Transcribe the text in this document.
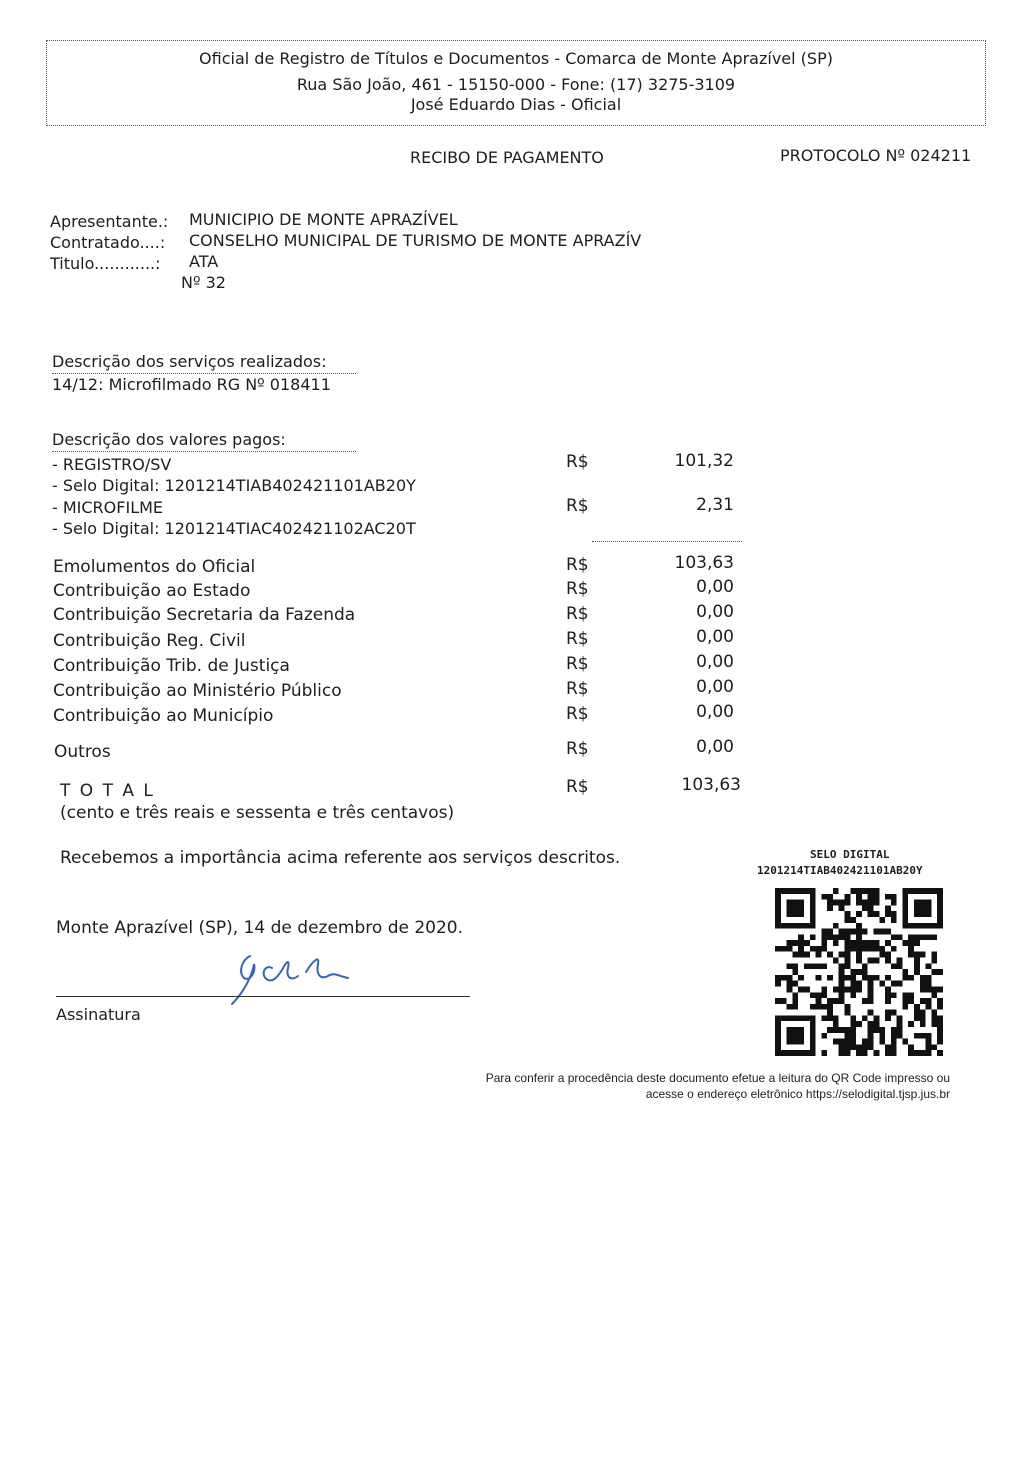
Oficial de Registro de Títulos e Documentos - Comarca de Monte Aprazível (SP)
Rua São João, 461 - 15150-000 - Fone: (17) 3275-3109
José Eduardo Dias - Oficial
RECIBO DE PAGAMENTO	PROTOCOLO Nº 024211
Apresentante.: MUNICIPIO DE MONTE APRAZÍVEL
Contratado....: CONSELHO MUNICIPAL DE TURISMO DE MONTE APRAZÍV
Titulo............: ATA
Nº 32
Descrição dos serviços realizados:
14/12: Microfilmado RG Nº 018411
Descrição dos valores pagos:
- REGISTRO/SV	R$	101,32
- Selo Digital: 1201214TIAB402421101AB20Y
- MICROFILME	R$	2,31
- Selo Digital: 1201214TIAC402421102AC20T
Emolumentos do Oficial	R$	103,63
Contribuição ao Estado	R$	0,00
Contribuição Secretaria da Fazenda	R$	0,00
Contribuição Reg. Civil	R$	0,00
Contribuição Trib. de Justiça	R$	0,00
Contribuição ao Ministério Público	R$	0,00
Contribuição ao Município	R$	0,00
Outros	R$	0,00
T O T A L	R$	103,63
(cento e três reais e sessenta e três centavos)
Recebemos a importância acima referente aos serviços descritos.
Monte Aprazível (SP), 14 de dezembro de 2020.
Assinatura
SELO DIGITAL
1201214TIAB402421101AB20Y
Para conferir a procedência deste documento efetue a leitura do QR Code impresso ou
acesse o endereço eletrônico https://selodigital.tjsp.jus.br
